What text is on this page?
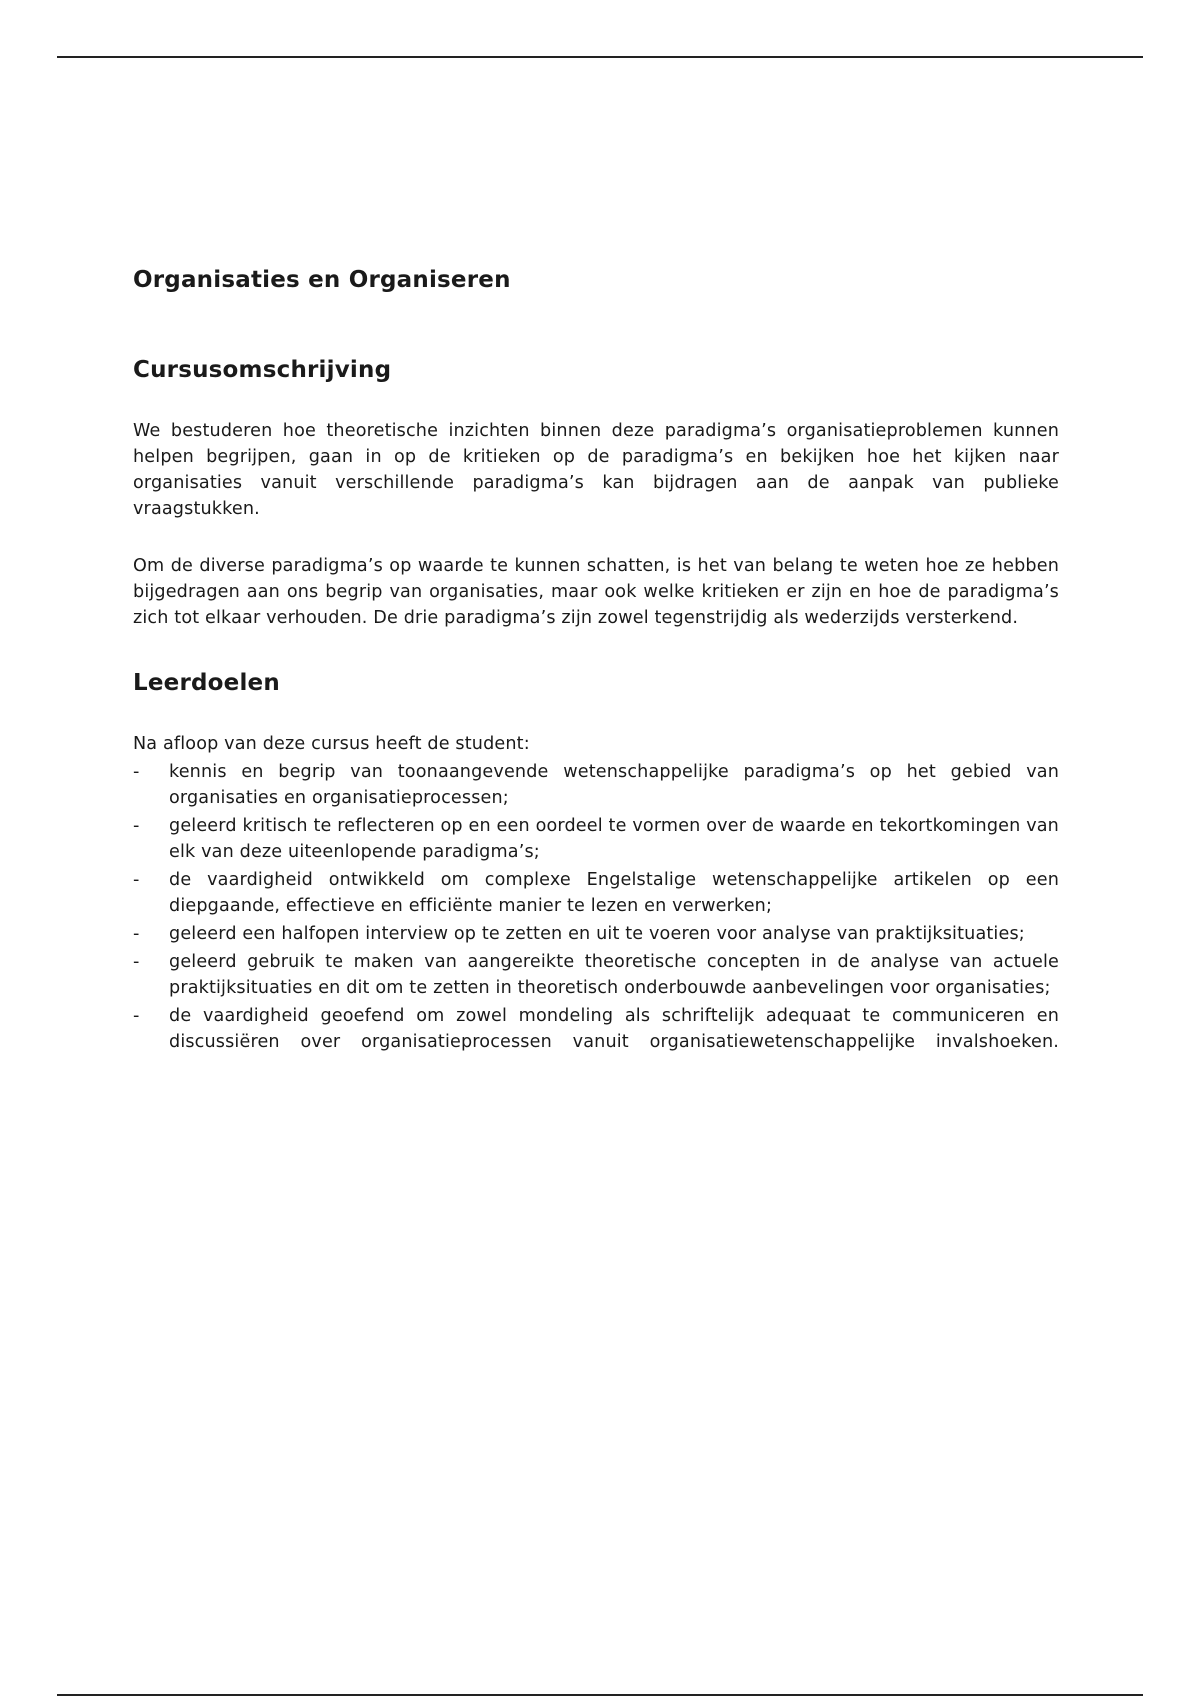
Organisaties en Organiseren
Cursusomschrijving

We bestuderen hoe theoretische inzichten binnen deze paradigma’s organisatieproblemen kunnen helpen begrijpen, gaan in op de kritieken op de paradigma’s en bekijken hoe het kijken naar organisaties vanuit verschillende paradigma’s kan bijdragen aan de aanpak van publieke vraagstukken.

Om de diverse paradigma’s op waarde te kunnen schatten, is het van belang te weten hoe ze hebben bijgedragen aan ons begrip van organisaties, maar ook welke kritieken er zijn en hoe de paradigma’s zich tot elkaar verhouden. De drie paradigma’s zijn zowel tegenstrijdig als wederzijds versterkend.

Leerdoelen

Na afloop van deze cursus heeft de student:

- kennis en begrip van toonaangevende wetenschappelijke paradigma’s op het gebied van organisaties en organisatieprocessen;
- geleerd kritisch te reflecteren op en een oordeel te vormen over de waarde en tekortkomingen van elk van deze uiteenlopende paradigma’s;
- de vaardigheid ontwikkeld om complexe Engelstalige wetenschappelijke artikelen op een diepgaande, effectieve en efficiënte manier te lezen en verwerken;
- geleerd een halfopen interview op te zetten en uit te voeren voor analyse van praktijksituaties;
- geleerd gebruik te maken van aangereikte theoretische concepten in de analyse van actuele praktijksituaties en dit om te zetten in theoretisch onderbouwde aanbevelingen voor organisaties;
- de vaardigheid geoefend om zowel mondeling als schriftelijk adequaat te communiceren en discussiëren over organisatieprocessen vanuit organisatiewetenschappelijke invalshoeken.
